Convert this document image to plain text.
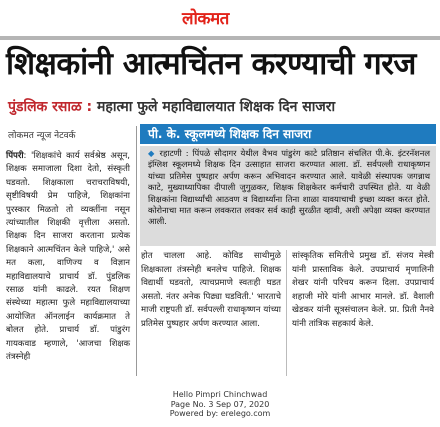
लोकमत
शिक्षकांनी आत्मचिंतन करण्याची गरज
पुंडलिक रसाळ : महात्मा फुले महाविद्यालयात शिक्षक दिन साजरा
लोकमत न्यूज नेटवर्क
पिंपरी: 'शिक्षकांचे कार्य सर्वश्रेष्ठ असून, शिक्षक समाजाला दिशा देतो, संस्कृती घडवतो. शिक्षकाला चराचराविषयी, सृष्टीविषयी प्रेम पाहिजे, शिक्षकांना पुरस्कार मिळतो तो व्यक्तींना नसून त्यांच्यातील शिक्षकी वृत्तीला असतो. शिक्षक दिन साजरा करताना प्रत्येक शिक्षकाने आत्मचिंतन केले पाहिजे,' असे मत कला, वाणिज्य व विज्ञान महाविद्यालयाचे प्राचार्य डॉ. पुंडलिक रसाळ यांनी काढले. रयत शिक्षण संस्थेच्या महात्मा फुले महाविद्यालयाच्या आयोजित ऑनलाईन कार्यक्रमात ते बोलत होते. प्राचार्य डॉ. पांडुरंग गायकवाड म्हणाले, 'आजचा शिक्षक तंत्रस्नेही
पी. के. स्कूलमध्ये शिक्षक दिन साजरा
◆ रहाटणी : पिंपळे सौदागर येथील वैभव पांडुरंग काटे प्रतिष्ठान संचलित पी.के. इंटरनॅशनल इंग्लिश स्कूलमध्ये शिक्षक दिन उत्साहात साजरा करण्यात आला. डॉ. सर्वपल्ली राधाकृष्णन यांच्या प्रतिमेस पुष्पहार अर्पण करून अभिवादन करण्यात आले. यावेळी संस्थापक जगन्नाथ काटे, मुख्याध्यापिका दीपाली जुगुळकर, शिक्षक शिक्षकेतर कर्मचारी उपस्थित होते. या वेळी शिक्षकांना विद्यार्थ्यांची आठवण व विद्यार्थ्यांना तिना शाळा यावयाचाची इच्छा व्यक्त करत होते. कोरोनाचा मात करून लवकरात लवकर सर्व काही सुरळीत व्हावी, अशी अपेक्षा व्यक्त करण्यात आली.
होत चालला आहे. कोविड साथीमुळे शिक्षकाला तंत्रस्नेही बनलेच पाहिजे. शिक्षक विद्यार्थी घडवतो, त्याचप्रमाणे स्वतःही घडत असतो. नंतर अनेक पिढ्या घडविती.' भारताचे माजी राष्ट्रपती डॉ. सर्वपल्ली राधाकृष्णन यांच्या प्रतिमेस पुष्पहार अर्पण करण्यात आला.
सांस्कृतिक समितीचे प्रमुख डॉ. संजय मेस्त्री यांनी प्रास्ताविक केले. उपप्राचार्य मृणालिनी शेखर यांनी परिचय करून दिला. उपप्राचार्य शहाजी मोरे यांनी आभार मानले. डॉ. वैशाली खेडकर यांनी सूत्रसंचालन केले. प्रा. प्रिती नैनवे यांनी तांत्रिक सहकार्य केले.
Hello Pimpri Chinchwad
Page No. 3 Sep 07, 2020
Powered by: erelego.com
